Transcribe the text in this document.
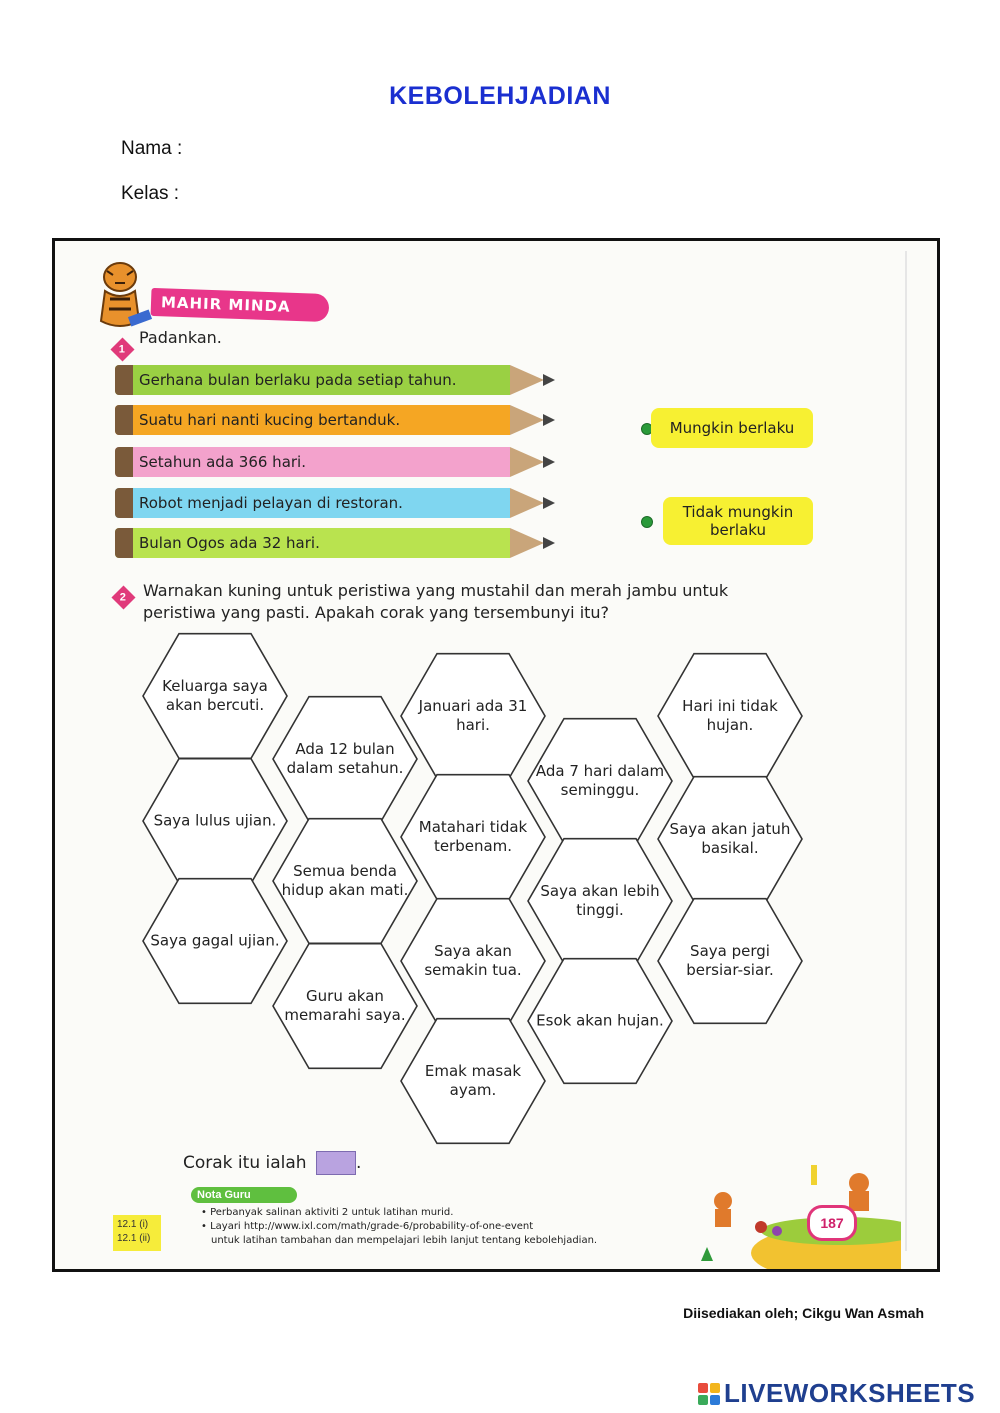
KEBOLEHJADIAN
Nama :
Kelas :
MAHIR MINDA
1
Padankan.
Gerhana bulan berlaku pada setiap tahun.
Suatu hari nanti kucing bertanduk.
Setahun ada 366 hari.
Robot menjadi pelayan di restoran.
Bulan Ogos ada 32 hari.
Mungkin berlaku
Tidak mungkin berlaku
2 Warnakan kuning untuk peristiwa yang mustahil dan merah jambu untuk
peristiwa yang pasti. Apakah corak yang tersembunyi itu?
Keluarga saya akan bercuti.
Saya lulus ujian.
Saya gagal ujian.
Ada 12 bulan dalam setahun.
Semua benda hidup akan mati.
Guru akan memarahi saya.
Januari ada 31 hari.
Matahari tidak terbenam.
Saya akan semakin tua.
Emak masak ayam.
Ada 7 hari dalam seminggu.
Saya akan lebih tinggi.
Esok akan hujan.
Hari ini tidak hujan.
Saya akan jatuh basikal.
Saya pergi bersiar-siar.
Corak itu ialah	.
Nota Guru
12.1 (i)
12.1 (ii)
• Perbanyak salinan aktiviti 2 untuk latihan murid.
• Layari http://www.ixl.com/math/grade-6/probability-of-one-event
untuk latihan tambahan dan mempelajari lebih lanjut tentang kebolehjadian.
187
Diisediakan oleh; Cikgu Wan Asmah
LIVEWORKSHEETS
